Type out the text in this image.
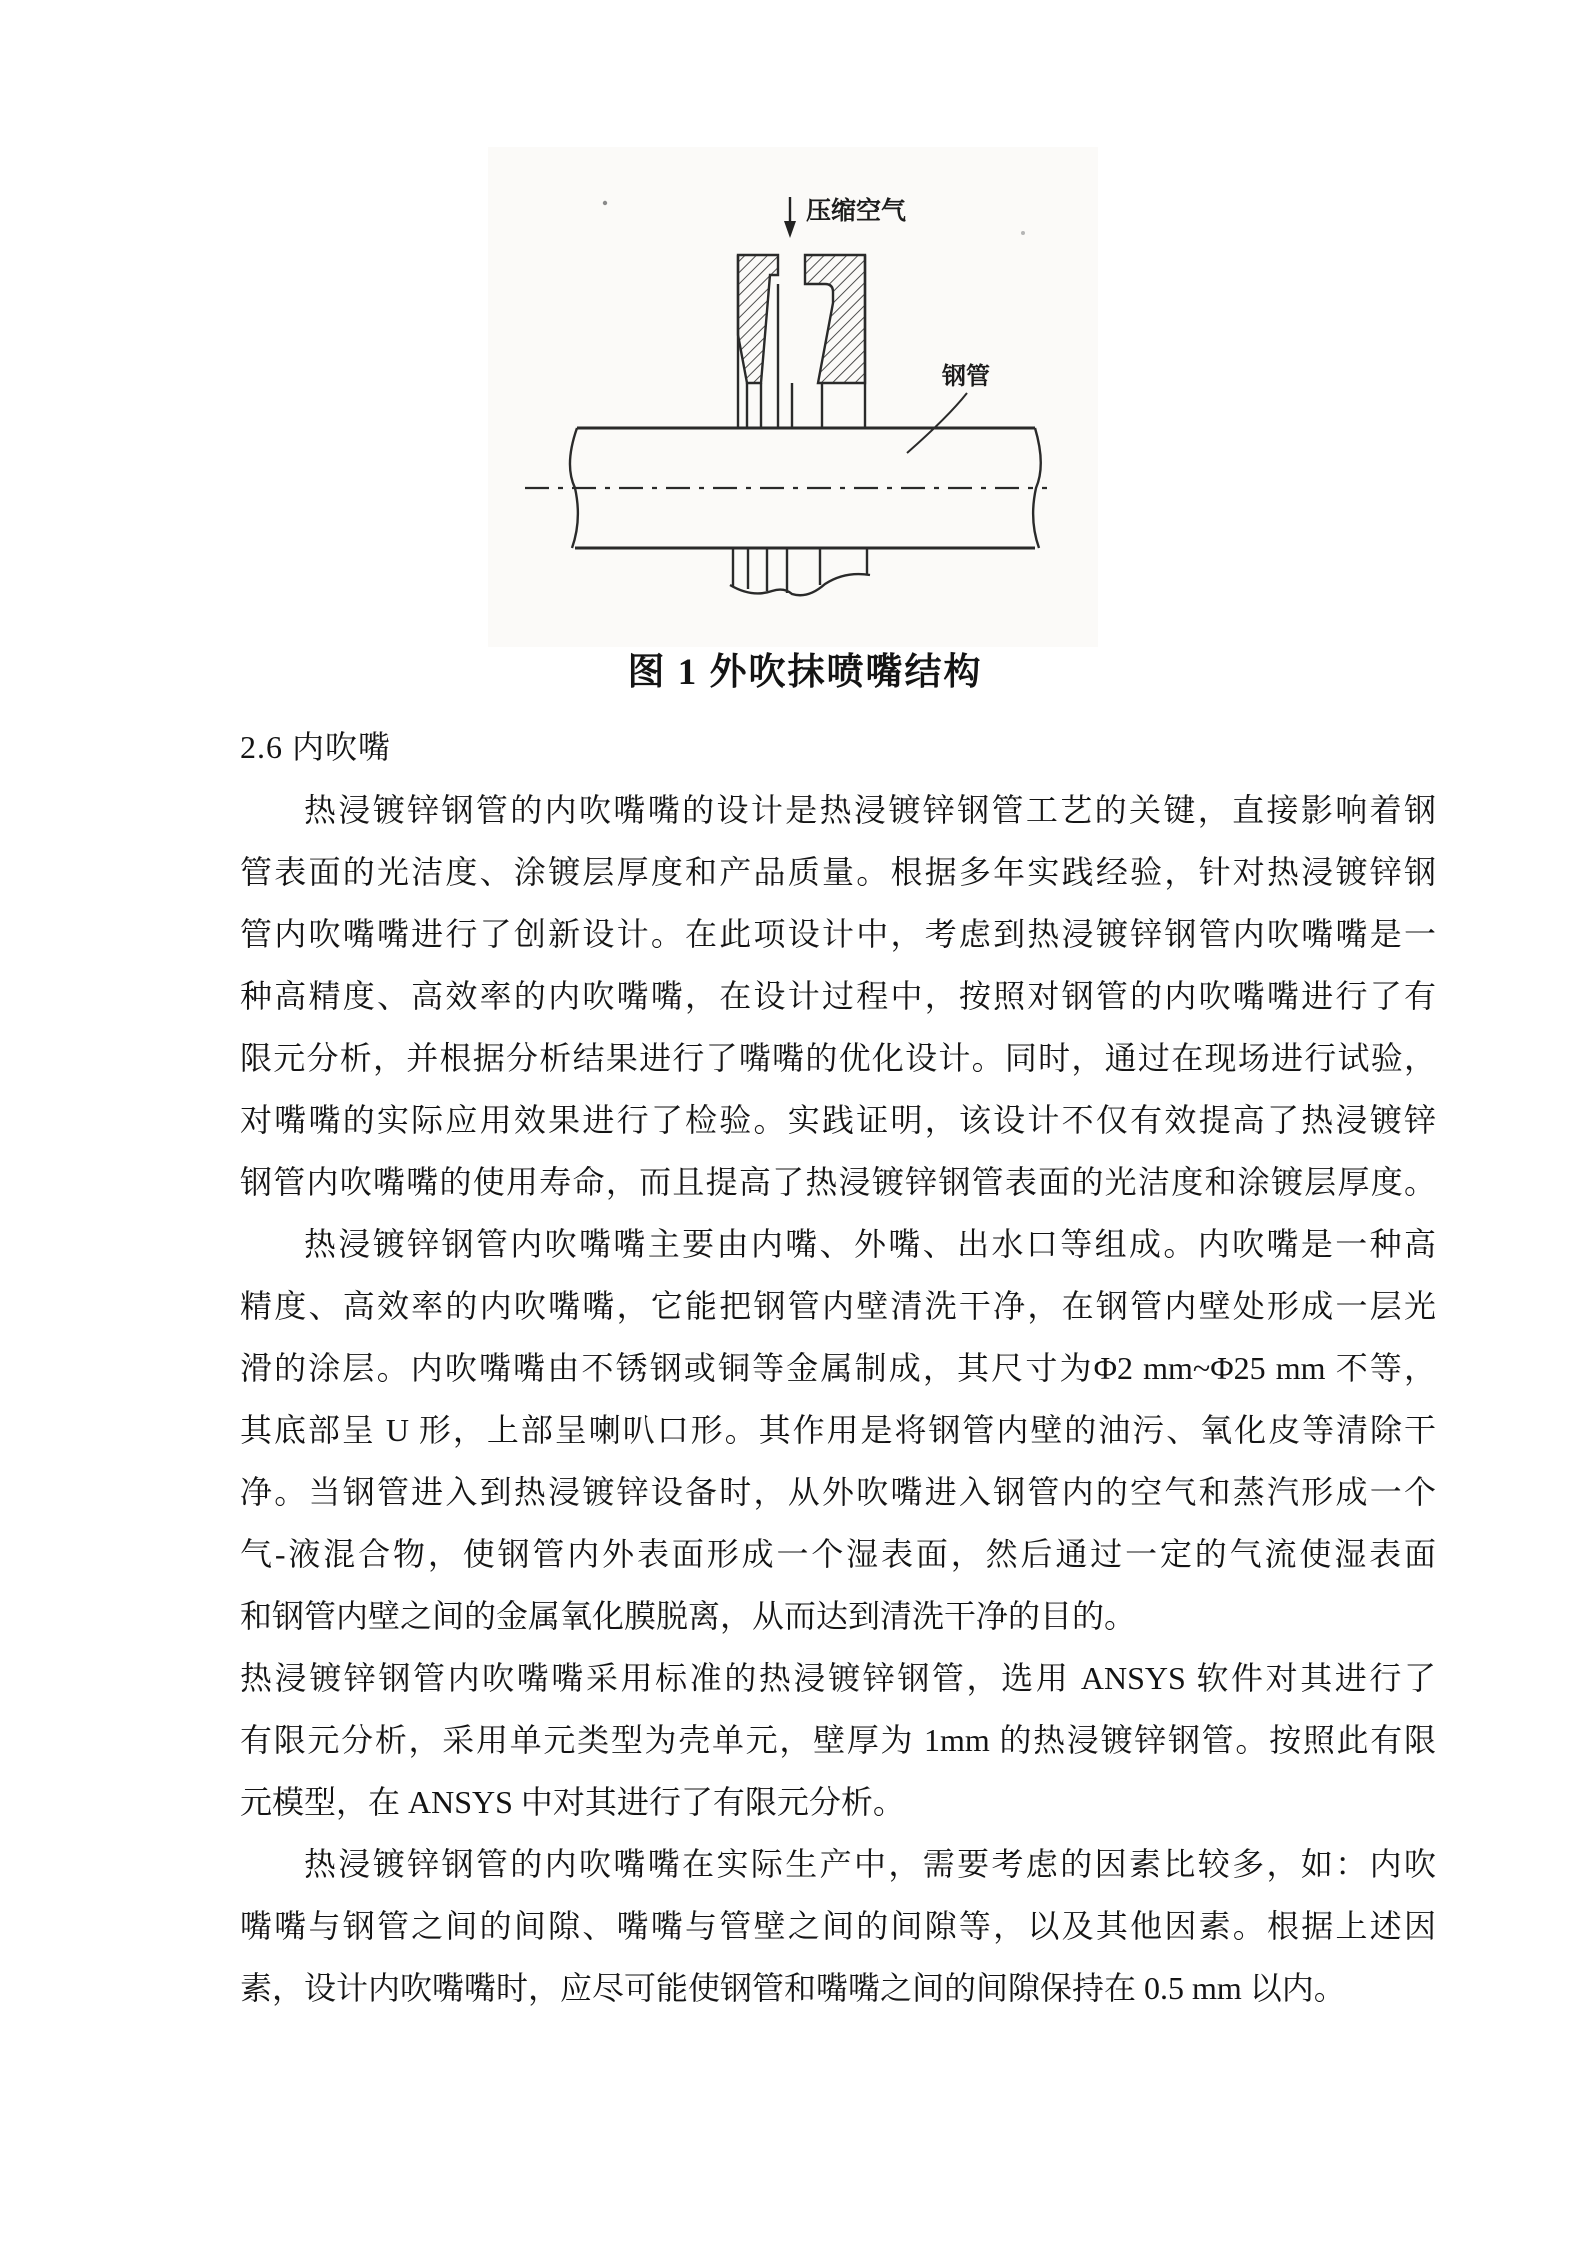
压缩空气
钢管
图 1 外吹抹喷嘴结构
2.6 内吹嘴
热浸镀锌钢管的内吹嘴嘴的设计是热浸镀锌钢管工艺的关键，直接影响着钢
管表面的光洁度、涂镀层厚度和产品质量。根据多年实践经验，针对热浸镀锌钢
管内吹嘴嘴进行了创新设计。在此项设计中，考虑到热浸镀锌钢管内吹嘴嘴是一
种高精度、高效率的内吹嘴嘴，在设计过程中，按照对钢管的内吹嘴嘴进行了有
限元分析，并根据分析结果进行了嘴嘴的优化设计。同时，通过在现场进行试验，
对嘴嘴的实际应用效果进行了检验。实践证明，该设计不仅有效提高了热浸镀锌
钢管内吹嘴嘴的使用寿命，而且提高了热浸镀锌钢管表面的光洁度和涂镀层厚度。
热浸镀锌钢管内吹嘴嘴主要由内嘴、外嘴、出水口等组成。内吹嘴是一种高
精度、高效率的内吹嘴嘴，它能把钢管内壁清洗干净，在钢管内壁处形成一层光
滑的涂层。内吹嘴嘴由不锈钢或铜等金属制成，其尺寸为Φ2 mm~Φ25 mm 不等，
其底部呈 U 形，上部呈喇叭口形。其作用是将钢管内壁的油污、氧化皮等清除干
净。当钢管进入到热浸镀锌设备时，从外吹嘴进入钢管内的空气和蒸汽形成一个
气-液混合物，使钢管内外表面形成一个湿表面，然后通过一定的气流使湿表面
和钢管内壁之间的金属氧化膜脱离，从而达到清洗干净的目的。
热浸镀锌钢管内吹嘴嘴采用标准的热浸镀锌钢管，选用 ANSYS 软件对其进行了
有限元分析，采用单元类型为壳单元，壁厚为 1mm 的热浸镀锌钢管。按照此有限
元模型，在 ANSYS 中对其进行了有限元分析。
热浸镀锌钢管的内吹嘴嘴在实际生产中，需要考虑的因素比较多，如：内吹
嘴嘴与钢管之间的间隙、嘴嘴与管壁之间的间隙等，以及其他因素。根据上述因
素，设计内吹嘴嘴时，应尽可能使钢管和嘴嘴之间的间隙保持在 0.5 mm 以内。
